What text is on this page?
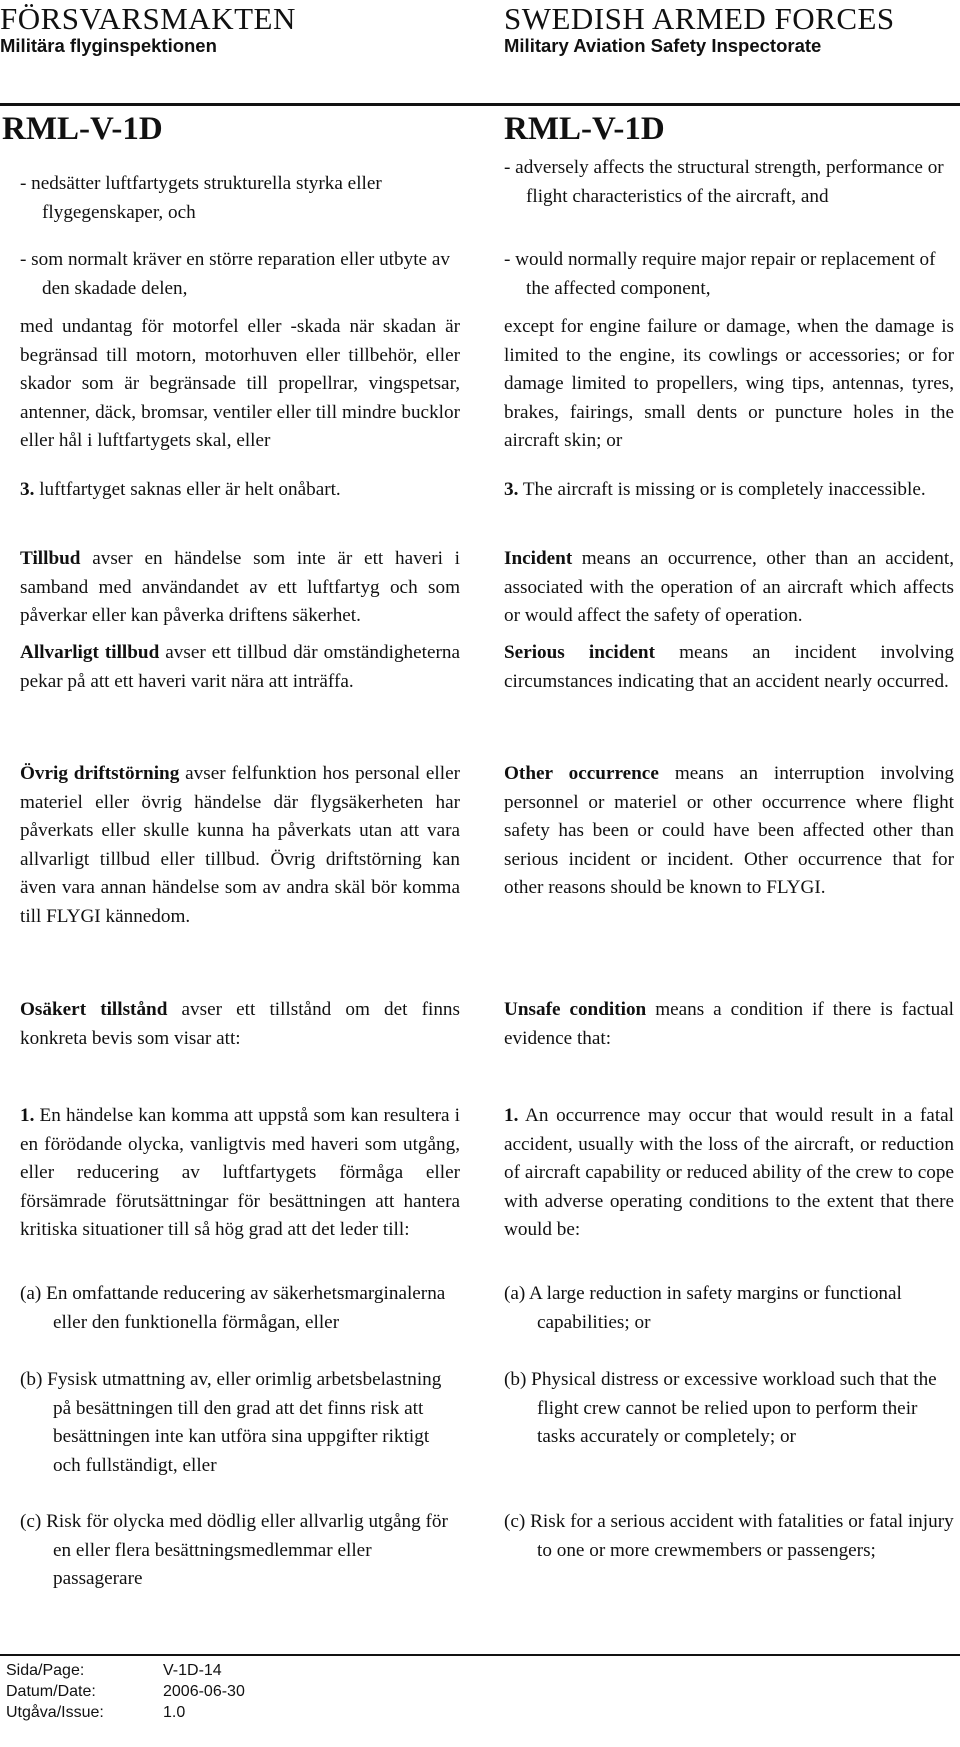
FÖRSVARSMAKTEN
Militära flyginspektionen
SWEDISH ARMED FORCES
Military Aviation Safety Inspectorate
RML-V-1D	RML-V-1D
- nedsätter luftfartygets strukturella styrka eller flygegenskaper, och
- som normalt kräver en större reparation eller utbyte av den skadade delen,
med undantag för motorfel eller -skada när skadan är begränsad till motorn, motorhuven eller tillbehör, eller skador som är begränsade till propellrar, vingspetsar, antenner, däck, bromsar, ventiler eller till mindre bucklor eller hål i luftfartygets skal, eller
3. luftfartyget saknas eller är helt onåbart.
Tillbud avser en händelse som inte är ett haveri i samband med användandet av ett luftfartyg och som påverkar eller kan påverka driftens säkerhet.
Allvarligt tillbud avser ett tillbud där omständigheterna pekar på att ett haveri varit nära att inträffa.
Övrig driftstörning avser felfunktion hos personal eller materiel eller övrig händelse där flygsäkerheten har påverkats eller skulle kunna ha påverkats utan att vara allvarligt tillbud eller tillbud. Övrig driftstörning kan även vara annan händelse som av andra skäl bör komma till FLYGI kännedom.
Osäkert tillstånd avser ett tillstånd om det finns konkreta bevis som visar att:
1. En händelse kan komma att uppstå som kan resultera i en förödande olycka, vanligtvis med haveri som utgång, eller reducering av luftfartygets förmåga eller försämrade förutsättningar för besättningen att hantera kritiska situationer till så hög grad att det leder till:
(a) En omfattande reducering av säkerhetsmarginalerna eller den funktionella förmågan, eller
(b) Fysisk utmattning av, eller orimlig arbetsbelastning på besättningen till den grad att det finns risk att besättningen inte kan utföra sina uppgifter riktigt och fullständigt, eller
(c) Risk för olycka med dödlig eller allvarlig utgång för en eller flera besättningsmedlemmar eller passagerare
- adversely affects the structural strength, performance or flight characteristics of the aircraft, and
- would normally require major repair or replacement of the affected component,
except for engine failure or damage, when the damage is limited to the engine, its cowlings or accessories; or for damage limited to propellers, wing tips, antennas, tyres, brakes, fairings, small dents or puncture holes in the aircraft skin; or
3. The aircraft is missing or is completely inaccessible.
Incident means an occurrence, other than an accident, associated with the operation of an aircraft which affects or would affect the safety of operation.
Serious incident means an incident involving circumstances indicating that an accident nearly occurred.
Other occurrence means an interruption involving personnel or materiel or other occurrence where flight safety has been or could have been affected other than serious incident or incident. Other occurrence that for other reasons should be known to FLYGI.
Unsafe condition means a condition if there is factual evidence that:
1. An occurrence may occur that would result in a fatal accident, usually with the loss of the aircraft, or reduction of aircraft capability or reduced ability of the crew to cope with adverse operating conditions to the extent that there would be:
(a) A large reduction in safety margins or functional capabilities; or
(b) Physical distress or excessive workload such that the flight crew cannot be relied upon to perform their tasks accurately or completely; or
(c) Risk for a serious accident with fatalities or fatal injury to one or more crewmembers or passengers;
Sida/Page:	V-1D-14
Datum/Date:	2006-06-30
Utgåva/Issue:	1.0
